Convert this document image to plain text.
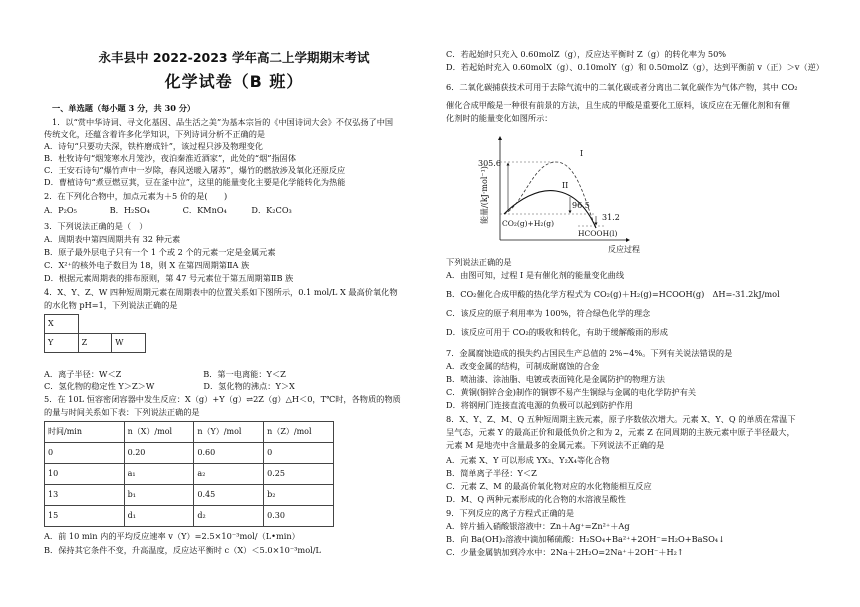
永丰县中 2022-2023 学年高二上学期期末考试
化学试卷（B 班）
一、单选题（每小题 3 分，共 30 分）
1．以“赏中华诗词、寻文化基因、品生活之美”为基本宗旨的《中国诗词大会》不仅弘扬了中国
传统文化，还蕴含着许多化学知识，下列诗词分析不正确的是
A．诗句“只要功夫深，铁杵磨成针”，该过程只涉及物理变化
B．杜牧诗句“烟笼寒水月笼沙，夜泊秦淮近酒家”，此处的“烟”指固体
C．王安石诗句“爆竹声中一岁除，春风送暖入屠苏”，爆竹的燃放涉及氧化还原反应
D．曹植诗句“煮豆燃豆萁，豆在釜中泣”，这里的能量变化主要是化学能转化为热能
2．在下列化合物中，加点元素为＋5 价的是(　　)
A．P₂O₅　　　　B．H₂SO₄　　　　C．KMnO₄　　　D．K₂CO₃
3．下列说法正确的是（　）
A．周期表中第四周期共有 32 种元素
B．原子最外层电子只有一个 1 个或 2 个的元素一定是金属元素
C．X²⁺的核外电子数目为 18，则 X 在第四周期第ⅡA 族
D．根据元素周期表的排布原则，第 47 号元素位于第五周期第ⅡB 族
4．X、Y、Z、W 四种短周期元素在周期表中的位置关系如下图所示，0.1 mol/L X 最高价氧化物
的水化物 pH=1，下列说法正确的是
X		
Y	Z	W
A．离子半径：W＜Z　　　　　　　　　　B．第一电离能：Y＜Z
C．氢化物的稳定性 Y＞Z＞W　　　　　　D．氢化物的沸点：Y＞X
5．在 10L 恒容密闭容器中发生反应：X（g）+Y（g）⇌2Z（g）△H＜0，T℃时，各物质的物质
的量与时间关系如下表：下列说法正确的是
时间/min	n（X）/mol	n（Y）/mol	n（Z）/mol
0	0.20	0.60	0
10	a₁	a₂	0.25
13	b₁	0.45	b₂
15	d₁	d₂	0.30
A．前 10 min 内的平均反应速率 v（Y）=2.5×10⁻³mol/（L•min）
B．保持其它条件不变，升高温度，反应达平衡时 c（X）＜5.0×10⁻³mol/L
C．若起始时只充入 0.60molZ（g），反应达平衡时 Z（g）的转化率为 50%
D．若起始时充入 0.60molX（g）、0.10molY（g）和 0.50molZ（g），达到平衡前 v（正）＞v（逆）
6．二氧化碳捕获技术可用于去除气流中的二氧化碳或者分离出二氧化碳作为气体产物，其中 CO₂
催化合成甲酸是一种很有前景的方法，且生成的甲酸是重要化工原料，该反应在无催化剂和有催
化剂时的能量变化如图所示：
305.6
96.5
31.2
I
II
CO₂(g)+H₂(g)
HCOOH(l)
反应过程
能量/(kJ·mol⁻¹)
下列说法正确的是
A．由图可知，过程 I 是有催化剂的能量变化曲线
B．CO₂催化合成甲酸的热化学方程式为 CO₂(g)＋H₂(g)=HCOOH(g)　ΔH=-31.2kJ/mol
C．该反应的原子利用率为 100%，符合绿色化学的理念
D．该反应可用于 CO₂的吸收和转化，有助于缓解酸雨的形成
7．金属腐蚀造成的损失约占国民生产总值的 2%~4%。下列有关说法错误的是
A．改变金属的结构，可制成耐腐蚀的合金
B．喷油漆、涂油脂、电镀或表面钝化是金属防护的物理方法
C．黄铜(铜锌合金)制作的铜锣不易产生铜绿与金属的电化学防护有关
D．将钢闸门连接直流电源的负极可以起到防护作用
8．X、Y、Z、M、Q 五种短周期主族元素，原子序数依次增大。元素 X、Y、Q 的单质在常温下
呈气态，元素 Y 的最高正价和最低负价之和为 2，元素 Z 在同周期的主族元素中原子半径最大，
元素 M 是地壳中含量最多的金属元素。下列说法不正确的是
A．元素 X、Y 可以形成 YX₃、Y₂X₄等化合物
B．简单离子半径：Y＜Z
C．元素 Z、M 的最高价氧化物对应的水化物能相互反应
D．M、Q 两种元素形成的化合物的水溶液呈酸性
9．下列反应的离子方程式正确的是
A．锌片插入硝酸银溶液中：Zn＋Ag⁺=Zn²⁺＋Ag
B．向 Ba(OH)₂溶液中滴加稀硫酸：H₂SO₄+Ba²⁺+2OH⁻=H₂O+BaSO₄↓
C．少量金属钠加到冷水中：2Na＋2H₂O=2Na⁺＋2OH⁻＋H₂↑
